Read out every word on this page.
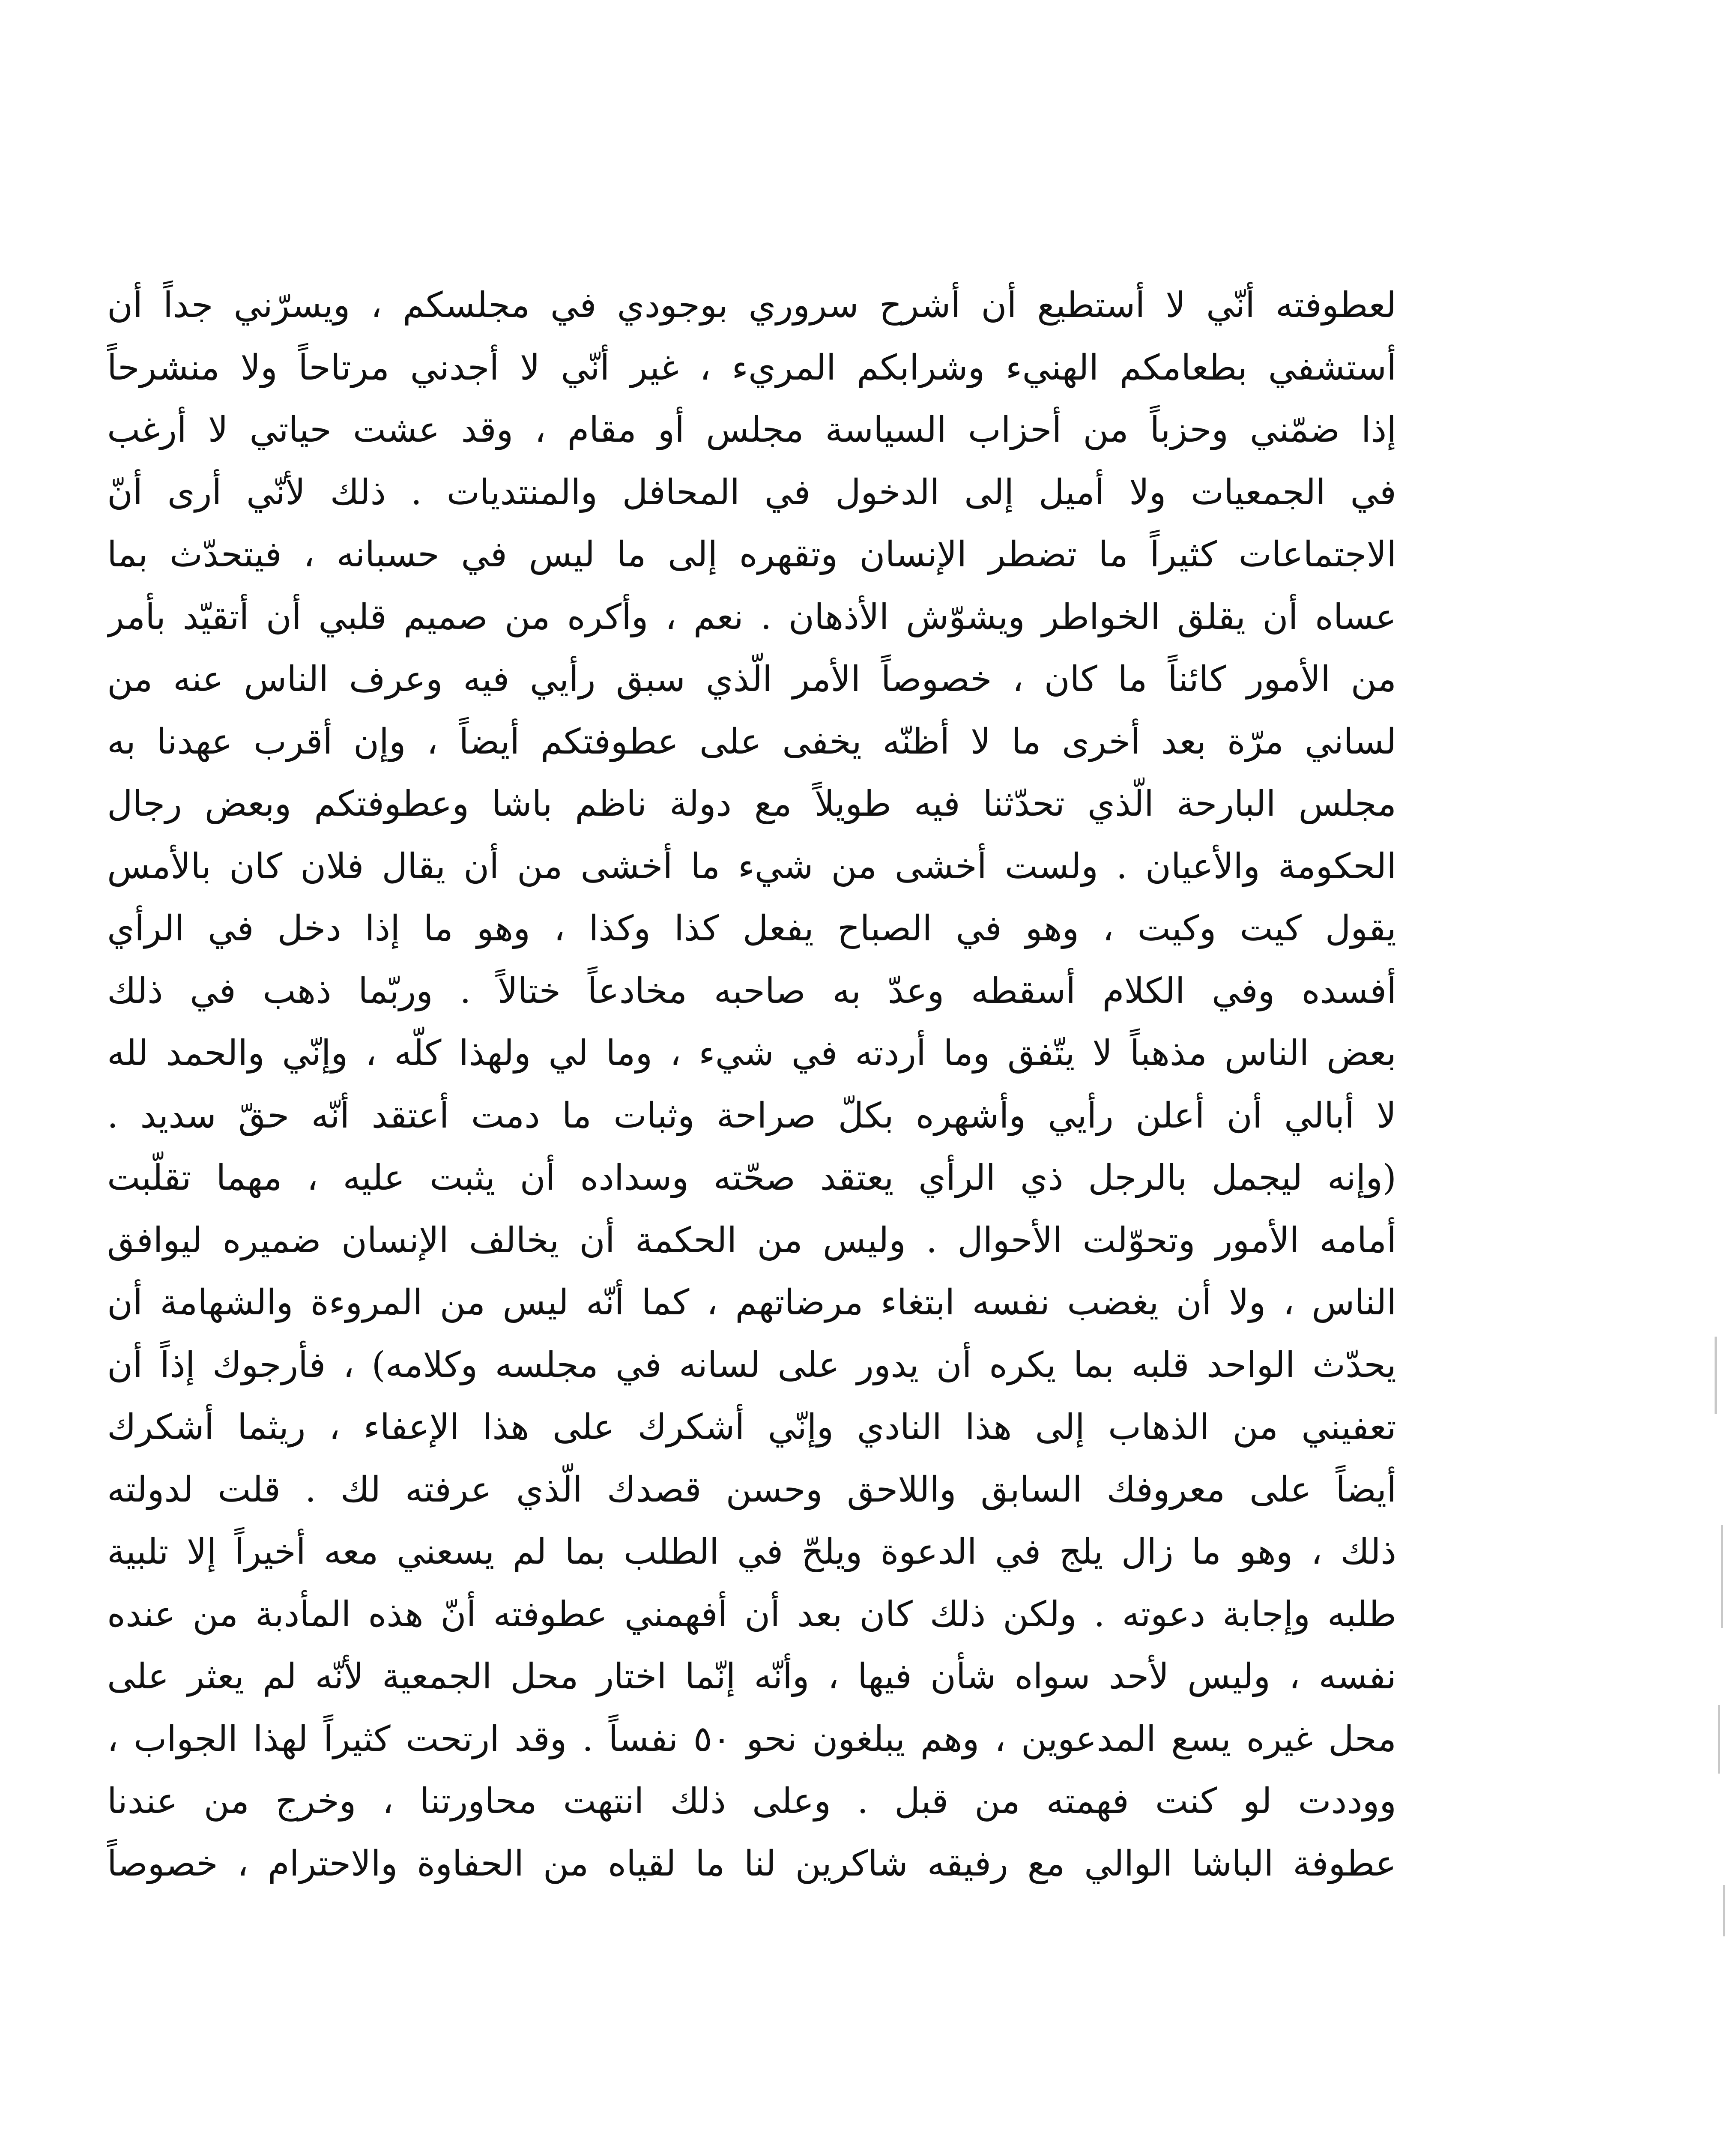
لعطوفته أنّي لا أستطيع أن أشرح سروري بوجودي في مجلسكم ، ويسرّني جداً أن
أستشفي بطعامكم الهنيء وشرابكم المريء ، غير أنّي لا أجدني مرتاحاً ولا منشرحاً
إذا ضمّني وحزباً من أحزاب السياسة مجلس أو مقام ، وقد عشت حياتي لا أرغب
في الجمعيات ولا أميل إلى الدخول في المحافل والمنتديات . ذلك لأنّي أرى أنّ
الاجتماعات كثيراً ما تضطر الإنسان وتقهره إلى ما ليس في حسبانه ، فيتحدّث بما
عساه أن يقلق الخواطر ويشوّش الأذهان . نعم ، وأكره من صميم قلبي أن أتقيّد بأمر
من الأمور كائناً ما كان ، خصوصاً الأمر الّذي سبق رأيي فيه وعرف الناس عنه من
لساني مرّة بعد أخرى ما لا أظنّه يخفى على عطوفتكم أيضاً ، وإن أقرب عهدنا به
مجلس البارحة الّذي تحدّثنا فيه طويلاً مع دولة ناظم باشا وعطوفتكم وبعض رجال
الحكومة والأعيان . ولست أخشى من شيء ما أخشى من أن يقال فلان كان بالأمس
يقول كيت وكيت ، وهو في الصباح يفعل كذا وكذا ، وهو ما إذا دخل في الرأي
أفسده وفي الكلام أسقطه وعدّ به صاحبه مخادعاً ختالاً . وربّما ذهب في ذلك
بعض الناس مذهباً لا يتّفق وما أردته في شيء ، وما لي ولهذا كلّه ، وإنّي والحمد لله
لا أبالي أن أعلن رأيي وأشهره بكلّ صراحة وثبات ما دمت أعتقد أنّه حقّ سديد .
(وإنه ليجمل بالرجل ذي الرأي يعتقد صحّته وسداده أن يثبت عليه ، مهما تقلّبت
أمامه الأمور وتحوّلت الأحوال . وليس من الحكمة أن يخالف الإنسان ضميره ليوافق
الناس ، ولا أن يغضب نفسه ابتغاء مرضاتهم ، كما أنّه ليس من المروءة والشهامة أن
يحدّث الواحد قلبه بما يكره أن يدور على لسانه في مجلسه وكلامه) ، فأرجوك إذاً أن
تعفيني من الذهاب إلى هذا النادي وإنّي أشكرك على هذا الإعفاء ، ريثما أشكرك
أيضاً على معروفك السابق واللاحق وحسن قصدك الّذي عرفته لك . قلت لدولته
ذلك ، وهو ما زال يلج في الدعوة ويلحّ في الطلب بما لم يسعني معه أخيراً إلا تلبية
طلبه وإجابة دعوته . ولكن ذلك كان بعد أن أفهمني عطوفته أنّ هذه المأدبة من عنده
نفسه ، وليس لأحد سواه شأن فيها ، وأنّه إنّما اختار محل الجمعية لأنّه لم يعثر على
محل غيره يسع المدعوين ، وهم يبلغون نحو ٥٠ نفساً . وقد ارتحت كثيراً لهذا الجواب ،
ووددت لو كنت فهمته من قبل . وعلى ذلك انتهت محاورتنا ، وخرج من عندنا
عطوفة الباشا الوالي مع رفيقه شاكرين لنا ما لقياه من الحفاوة والاحترام ، خصوصاً
